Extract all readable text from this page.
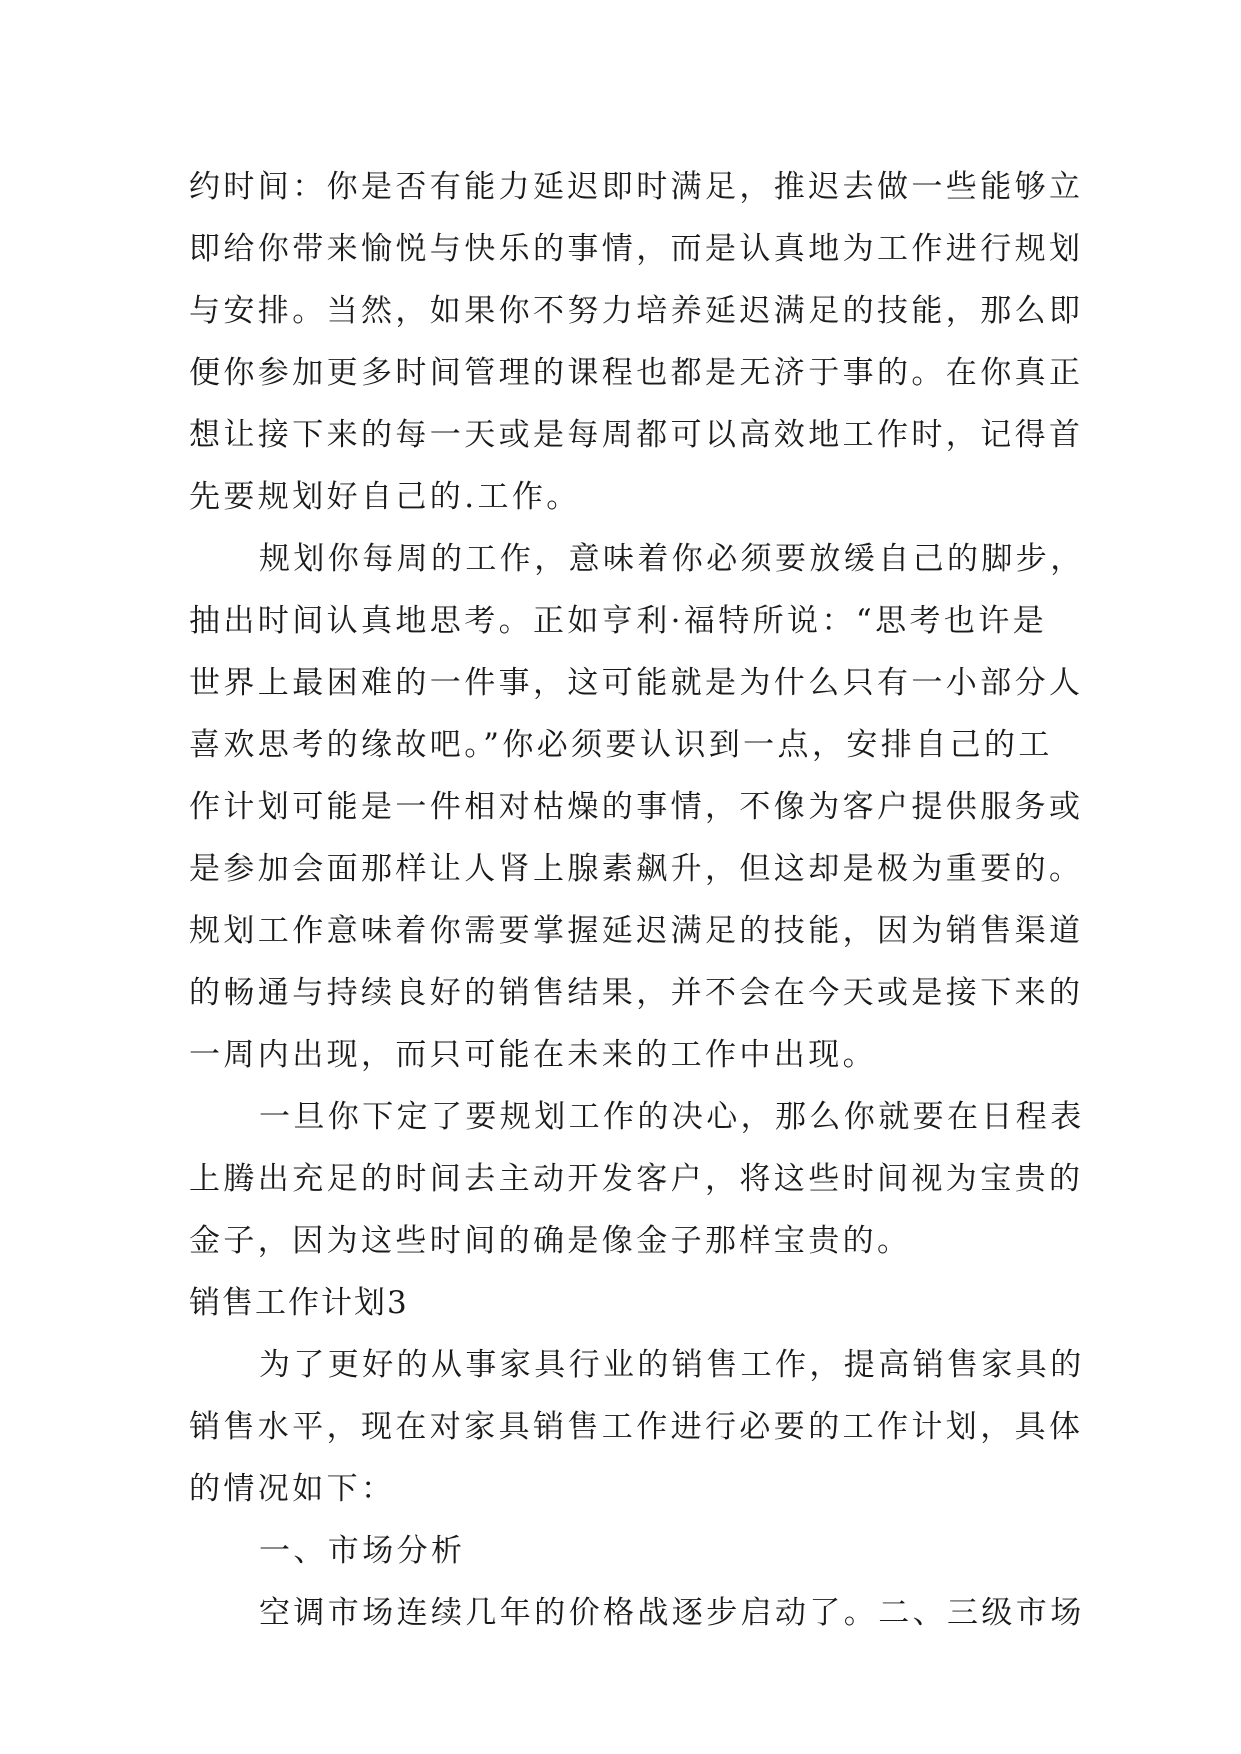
约时间：你是否有能力延迟即时满足，推迟去做一些能够立
即给你带来愉悦与快乐的事情，而是认真地为工作进行规划
与安排。当然，如果你不努力培养延迟满足的技能，那么即
便你参加更多时间管理的课程也都是无济于事的。在你真正
想让接下来的每一天或是每周都可以高效地工作时，记得首
先要规划好自己的.工作。
规划你每周的工作，意味着你必须要放缓自己的脚步，
抽出时间认真地思考。正如亨利·福特所说：“思考也许是
世界上最困难的一件事，这可能就是为什么只有一小部分人
喜欢思考的缘故吧。”你必须要认识到一点，安排自己的工
作计划可能是一件相对枯燥的事情，不像为客户提供服务或
是参加会面那样让人肾上腺素飙升，但这却是极为重要的。
规划工作意味着你需要掌握延迟满足的技能，因为销售渠道
的畅通与持续良好的销售结果，并不会在今天或是接下来的
一周内出现，而只可能在未来的工作中出现。
一旦你下定了要规划工作的决心，那么你就要在日程表
上腾出充足的时间去主动开发客户，将这些时间视为宝贵的
金子，因为这些时间的确是像金子那样宝贵的。
销售工作计划3
为了更好的从事家具行业的销售工作，提高销售家具的
销售水平，现在对家具销售工作进行必要的工作计划，具体
的情况如下：
一、市场分析
空调市场连续几年的价格战逐步启动了。二、三级市场
